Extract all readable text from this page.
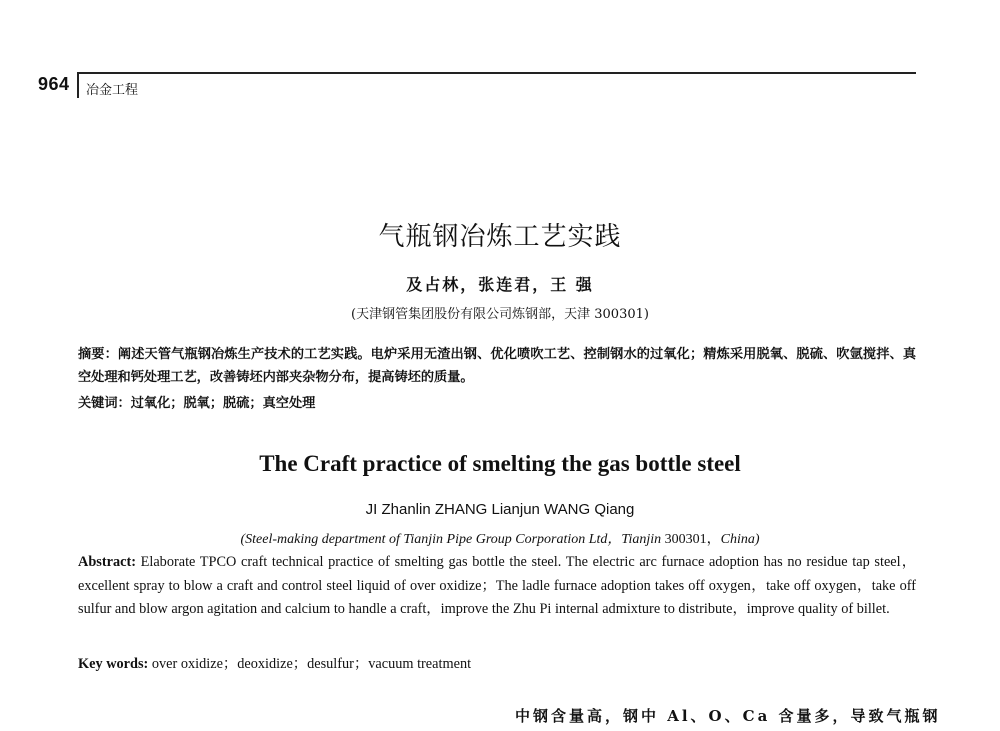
964 冶金工程
气瓶钢冶炼工艺实践
及占林，张连君，王 强
(天津钢管集团股份有限公司炼钢部，天津 300301)
摘要：阐述天管气瓶钢冶炼生产技术的工艺实践。电炉采用无渣出钢、优化喷吹工艺、控制钢水的过氧化；精炼采用脱氧、脱硫、吹氩搅拌、真空处理和钙处理工艺，改善铸坯内部夹杂物分布，提高铸坯的质量。
关键词：过氧化；脱氧；脱硫；真空处理
The Craft practice of smelting the gas bottle steel
JI Zhanlin ZHANG Lianjun WANG Qiang
(Steel-making department of Tianjin Pipe Group Corporation Ltd，Tianjin 300301，China)
Abstract: Elaborate TPCO craft technical practice of smelting gas bottle the steel. The electric arc furnace adoption has no residue tap steel，excellent spray to blow a craft and control steel liquid of over oxidize；The ladle furnace adoption takes off oxygen，take off oxygen，take off sulfur and blow argon agitation and calcium to handle a craft，improve the Zhu Pi internal admixture to distribute，improve quality of billet.
Key words: over oxidize；deoxidize；desulfur；vacuum treatment
中钢含量高，钢中 Al、O、Ca 含量多，导致气瓶钢
